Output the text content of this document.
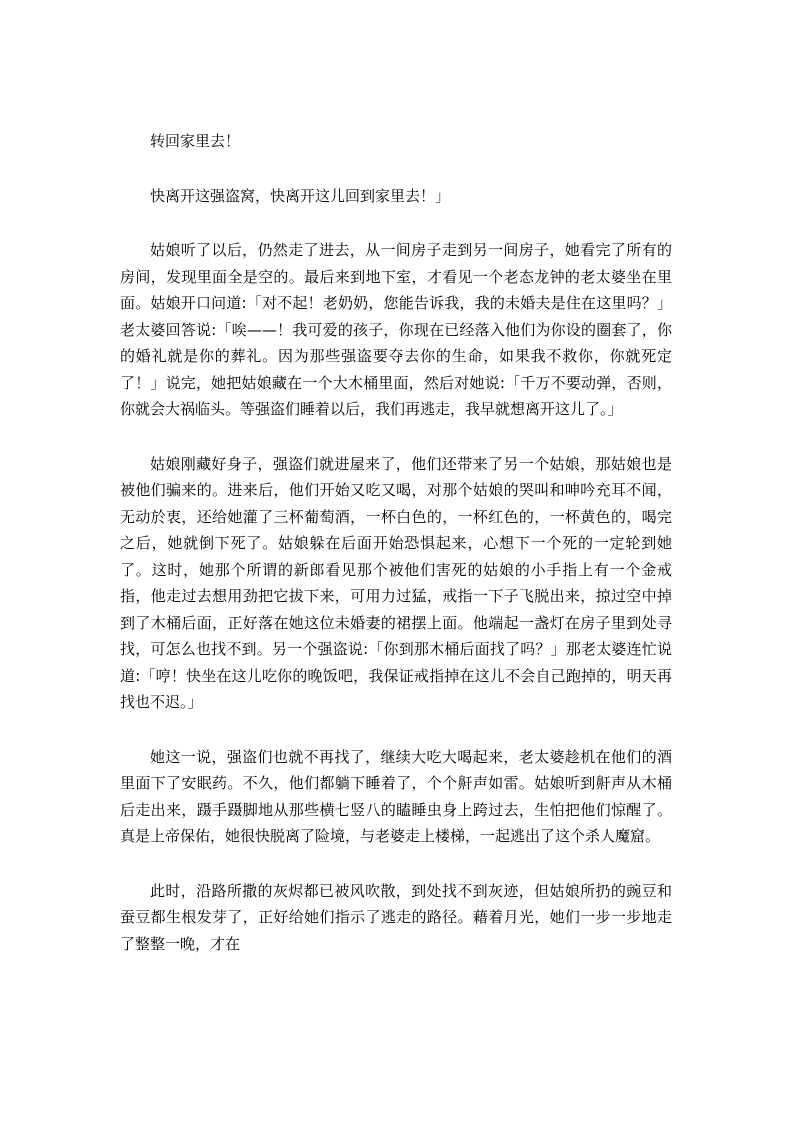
转回家里去！

快离开这强盗窝，快离开这儿回到家里去！」

姑娘听了以后，仍然走了进去，从一间房子走到另一间房子，她看完了所有的房间，发现里面全是空的。最后来到地下室，才看见一个老态龙钟的老太婆坐在里面。姑娘开口问道:「对不起！老奶奶，您能告诉我，我的未婚夫是住在这里吗？」老太婆回答说:「唉——！我可爱的孩子，你现在已经落入他们为你设的圈套了，你的婚礼就是你的葬礼。因为那些强盗要夺去你的生命，如果我不救你，你就死定了！」说完，她把姑娘藏在一个大木桶里面，然后对她说:「千万不要动弹，否则，你就会大祸临头。等强盗们睡着以后，我们再逃走，我早就想离开这儿了。」

姑娘刚藏好身子，强盗们就进屋来了，他们还带来了另一个姑娘，那姑娘也是被他们骗来的。进来后，他们开始又吃又喝，对那个姑娘的哭叫和呻吟充耳不闻，无动於衷，还给她灌了三杯葡萄酒，一杯白色的，一杯红色的，一杯黄色的，喝完之后，她就倒下死了。姑娘躲在后面开始恐惧起来，心想下一个死的一定轮到她了。这时，她那个所谓的新郎看见那个被他们害死的姑娘的小手指上有一个金戒指，他走过去想用劲把它拔下来，可用力过猛，戒指一下子飞脱出来，掠过空中掉到了木桶后面，正好落在她这位未婚妻的裙摆上面。他端起一盏灯在房子里到处寻找，可怎么也找不到。另一个强盗说:「你到那木桶后面找了吗？」那老太婆连忙说道:「哼！快坐在这儿吃你的晚饭吧，我保证戒指掉在这儿不会自己跑掉的，明天再找也不迟。」

她这一说，强盗们也就不再找了，继续大吃大喝起来，老太婆趁机在他们的酒里面下了安眠药。不久，他们都躺下睡着了，个个鼾声如雷。姑娘听到鼾声从木桶后走出来，蹑手蹑脚地从那些横七竖八的瞌睡虫身上跨过去，生怕把他们惊醒了。真是上帝保佑，她很快脱离了险境，与老婆走上楼梯，一起逃出了这个杀人魔窟。

此时，沿路所撒的灰烬都已被风吹散，到处找不到灰迹，但姑娘所扔的豌豆和蚕豆都生根发芽了，正好给她们指示了逃走的路径。藉着月光，她们一步一步地走了整整一晚，才在
